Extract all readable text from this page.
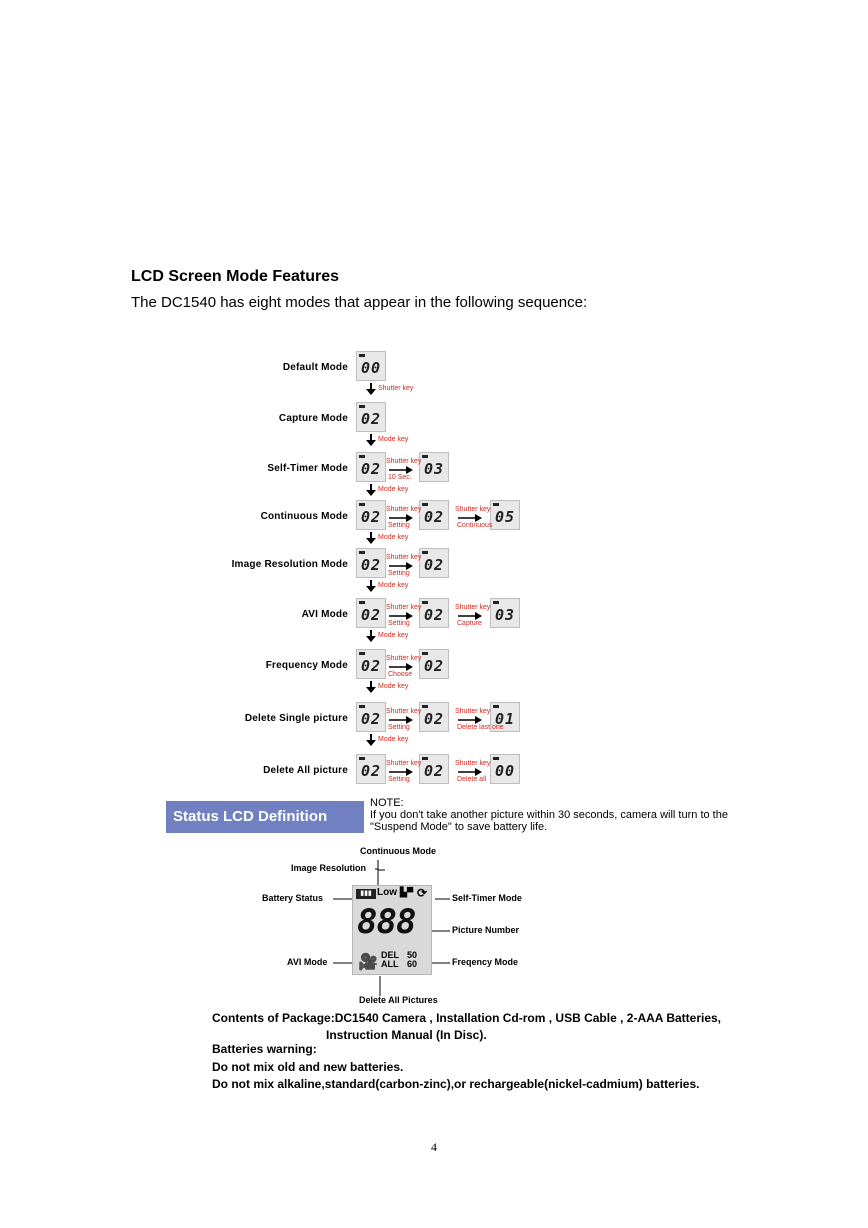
LCD Screen Mode Features
The DC1540 has eight modes that appear in the following sequence:
Default Mode 00
Shutter key
Capture Mode 02
Mode key
Self-Timer Mode 02	03
Shutter key
10 Sec.
Mode key
Continuous Mode 02	02	05
Shutter key
Setting
Shutter key
Continuous
Mode key
Image Resolution Mode 02	02
Shutter key
Setting
Mode key
AVI Mode 02	02	03
Shutter key
Setting
Shutter key
Capture
Mode key
Frequency Mode 02	02
Shutter key
Choose
Mode key
Delete Single picture 02	02	01
Shutter key
Setting
Shutter key
Delete last one
Mode key
Delete All picture 02	02	00
Shutter key
Setting
Shutter key
Delete all
Status LCD Definition
NOTE:
If you don't take another picture within 30 seconds, camera will turn to the "Suspend Mode" to save battery life.
Continuous Mode
Image Resolution
Battery Status	Self-Timer Mode
Picture Number
AVI Mode	Freqency Mode
Delete All Pictures
▮▮▮ Low ▙▀ ⟳
888
🎥 DEL
ALL
50
60
Contents of Package:DC1540 Camera , Installation Cd-rom , USB Cable , 2-AAA Batteries,
Instruction Manual (In Disc).
Batteries warning:
Do not mix old and new batteries.
Do not mix alkaline,standard(carbon-zinc),or rechargeable(nickel-cadmium) batteries.
4
